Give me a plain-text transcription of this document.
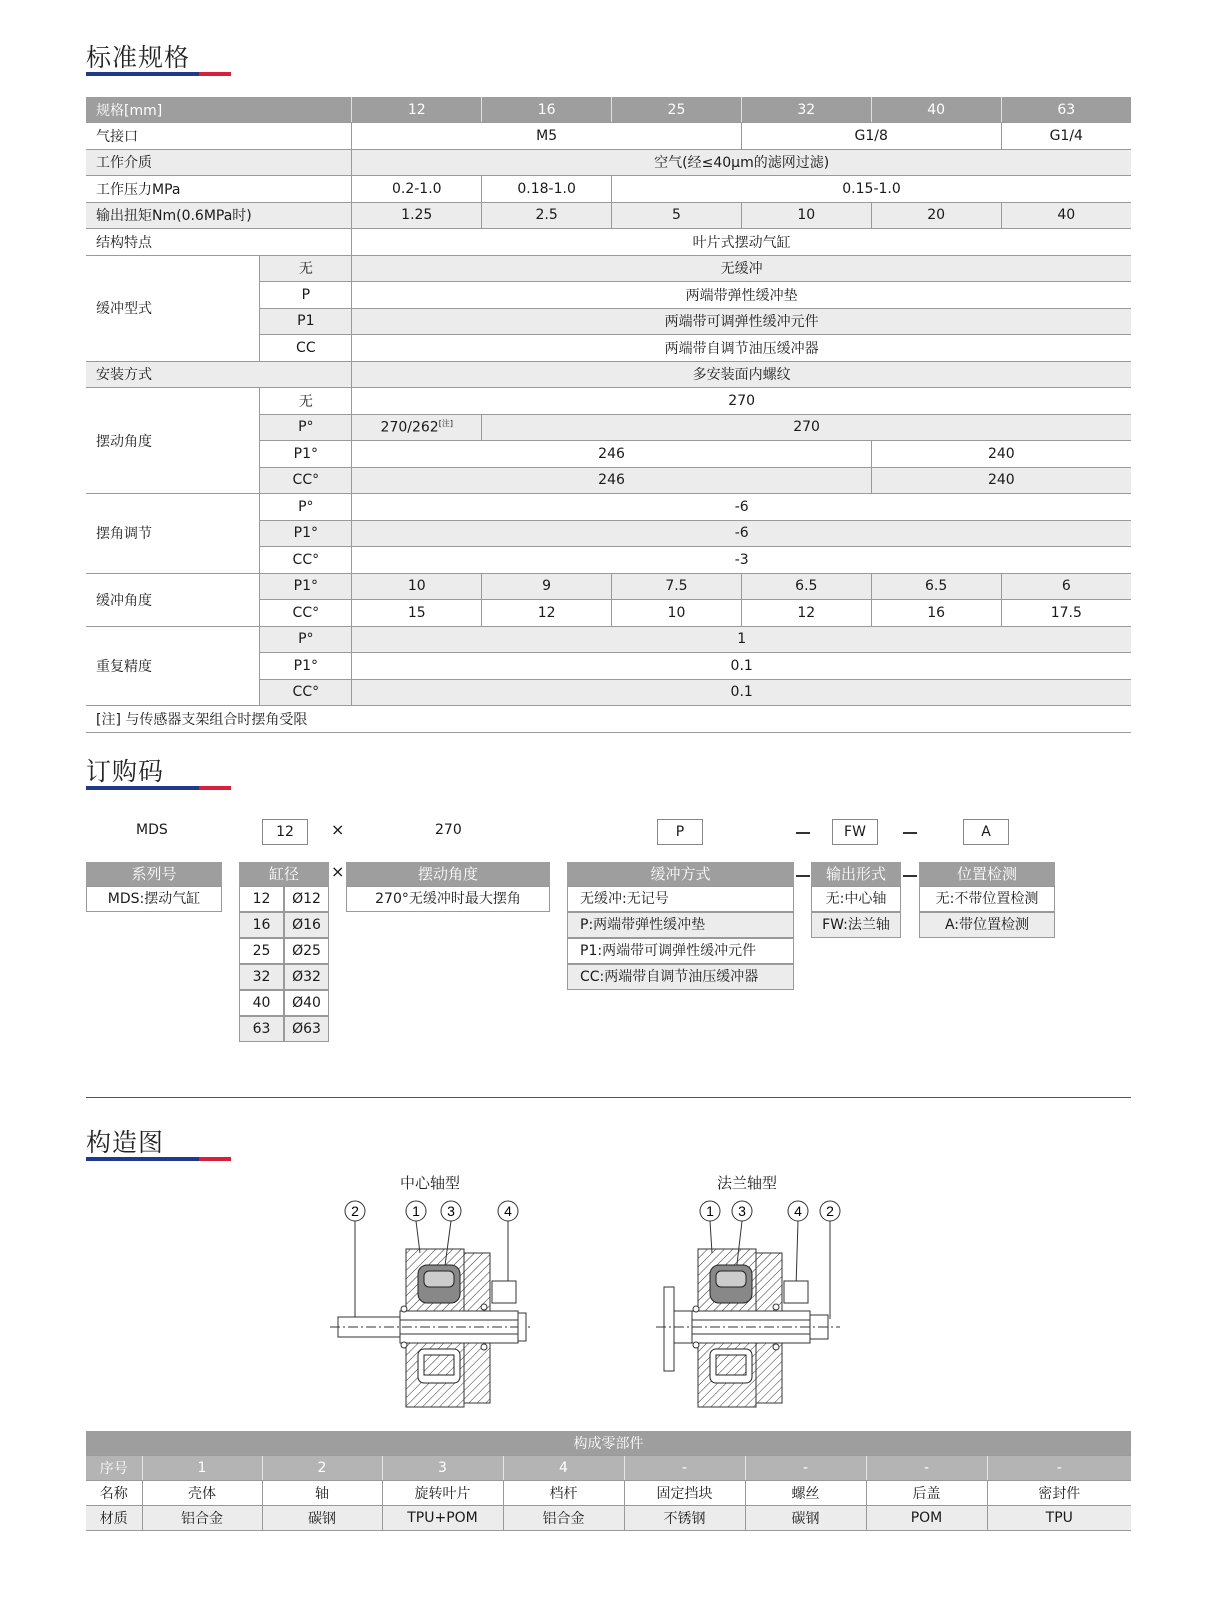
标准规格
规格[mm]		12	16	25	32	40	63
气接口		M5			G1/8		G1/4
工作介质		空气(经≤40μm的滤网过滤)					
工作压力MPa		0.2-1.0	0.18-1.0	0.15-1.0			
输出扭矩Nm(0.6MPa时)		1.25	2.5	5	10	20	40
结构特点		叶片式摆动气缸					
缓冲型式	无	无缓冲					
	P	两端带弹性缓冲垫					
	P1	两端带可调弹性缓冲元件					
	CC	两端带自调节油压缓冲器					
安装方式		多安装面内螺纹					
摆动角度	无	270					
	P°	270/262[注]	270				
	P1°	246				240	
	CC°	246				240	
摆角调节	P°	-6					
	P1°	-6					
	CC°	-3					
缓冲角度	P1°	10	9	7.5	6.5	6.5	6
	CC°	15	12	10	12	16	17.5
重复精度	P°	1					
	P1°	0.1					
	CC°	0.1					
[注] 与传感器支架组合时摆角受限							
订购码
MDS	12	×	270	P	FW	A
系列号
MDS:摆动气缸
缸径
12	Ø12
16	Ø16
25	Ø25
32	Ø32
40	Ø40
63	Ø63
×	摆动角度
270°无缓冲时最大摆角
缓冲方式
无缓冲:无记号
P:两端带弹性缓冲垫
P1:两端带可调弹性缓冲元件
CC:两端带自调节油压缓冲器
输出形式
无:中心轴
FW:法兰轴
位置检测
无:不带位置检测
A:带位置检测
构造图
中心轴型	法兰轴型
2	1 3	4	1 3	4 2
构成零部件								
序号	1	2	3	4	-	-	-	-
名称	壳体	轴	旋转叶片	档杆	固定挡块	螺丝	后盖	密封件
材质	铝合金	碳钢	TPU+POM	铝合金	不锈钢	碳钢	POM	TPU
